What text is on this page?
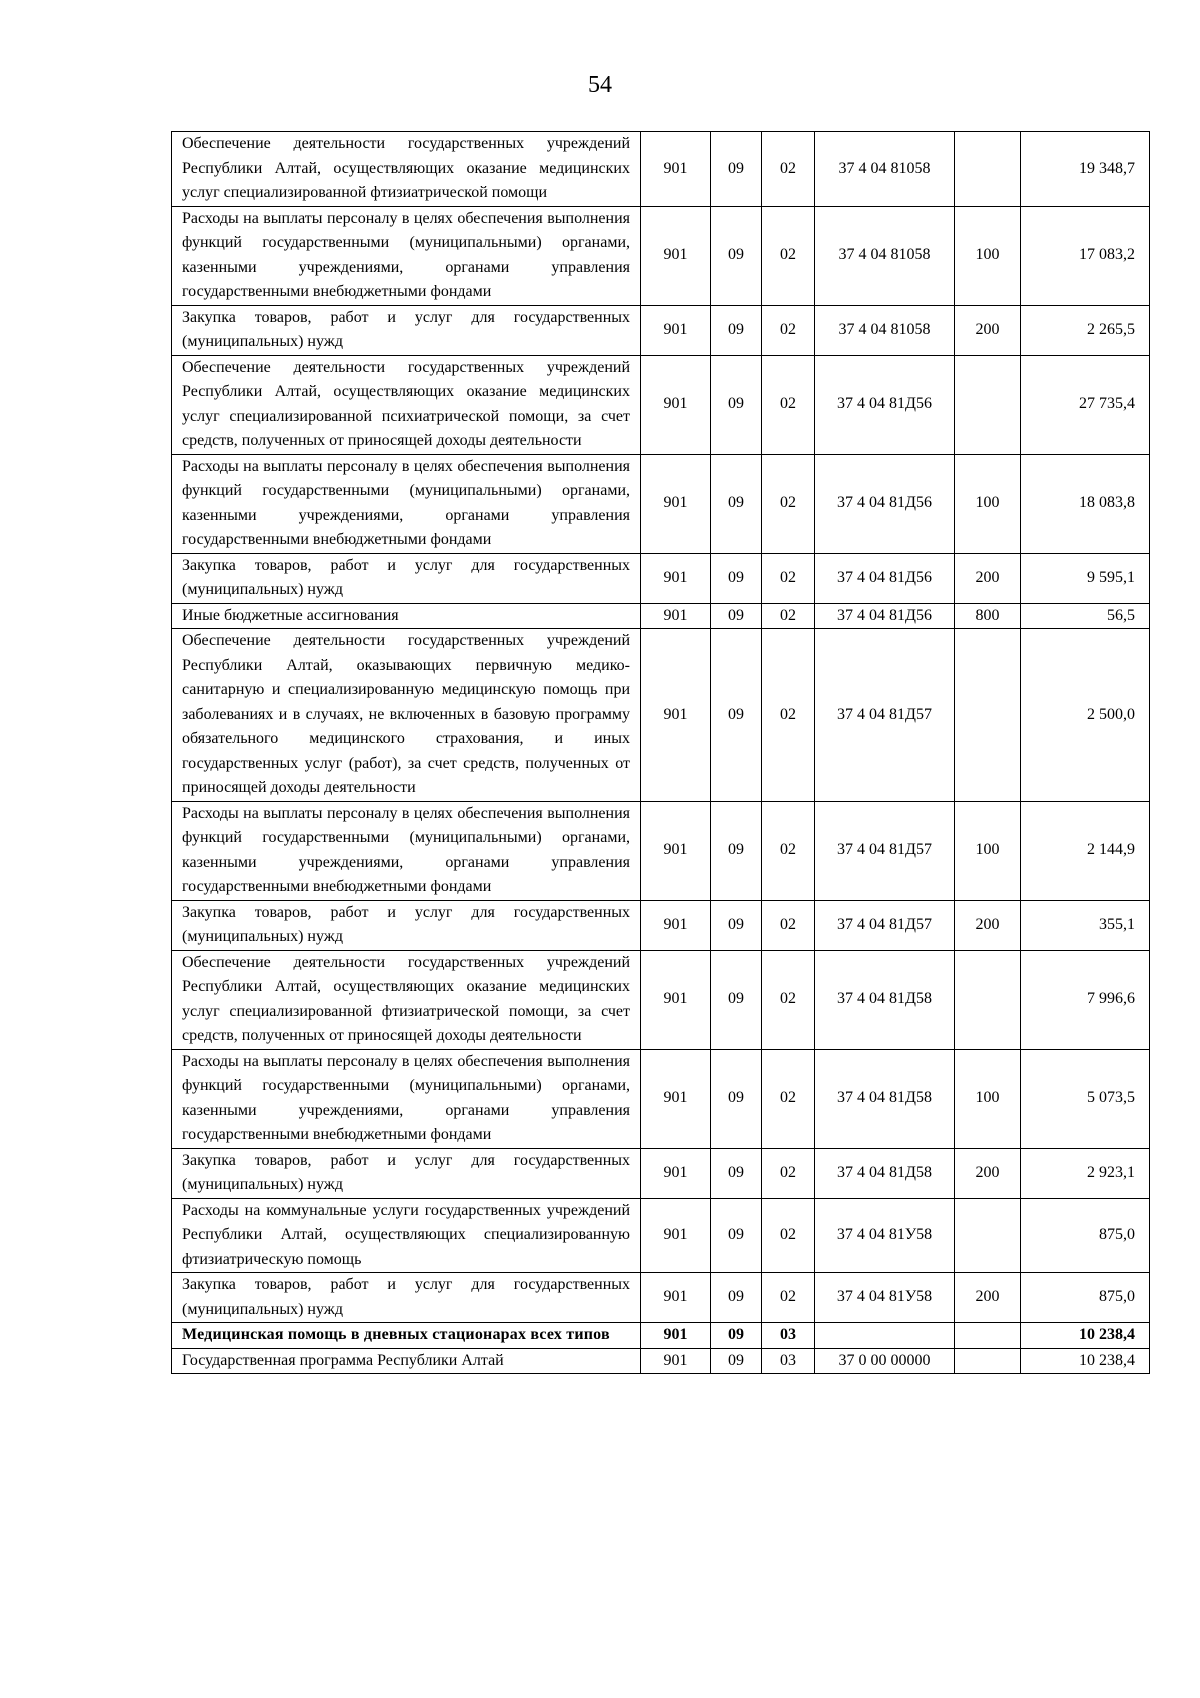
54
Обеспечение деятельности государственных учреждений Республики Алтай, осуществляющих оказание медицинских услуг специализированной фтизиатрической помощи	901	09	02	37 4 04 81058		19 348,7
Расходы на выплаты персоналу в целях обеспечения выполнения функций государственными (муниципальными) органами, казенными учреждениями, органами управления государственными внебюджетными фондами	901	09	02	37 4 04 81058	100	17 083,2
Закупка товаров, работ и услуг для государственных (муниципальных) нужд	901	09	02	37 4 04 81058	200	2 265,5
Обеспечение деятельности государственных учреждений Республики Алтай, осуществляющих оказание медицинских услуг специализированной психиатрической помощи, за счет средств, полученных от приносящей доходы деятельности	901	09	02	37 4 04 81Д56		27 735,4
Расходы на выплаты персоналу в целях обеспечения выполнения функций государственными (муниципальными) органами, казенными учреждениями, органами управления государственными внебюджетными фондами	901	09	02	37 4 04 81Д56	100	18 083,8
Закупка товаров, работ и услуг для государственных (муниципальных) нужд	901	09	02	37 4 04 81Д56	200	9 595,1
Иные бюджетные ассигнования	901	09	02	37 4 04 81Д56	800	56,5
Обеспечение деятельности государственных учреждений Республики Алтай, оказывающих первичную медико-санитарную и специализированную медицинскую помощь при заболеваниях и в случаях, не включенных в базовую программу обязательного медицинского страхования, и иных государственных услуг (работ), за счет средств, полученных от приносящей доходы деятельности	901	09	02	37 4 04 81Д57		2 500,0
Расходы на выплаты персоналу в целях обеспечения выполнения функций государственными (муниципальными) органами, казенными учреждениями, органами управления государственными внебюджетными фондами	901	09	02	37 4 04 81Д57	100	2 144,9
Закупка товаров, работ и услуг для государственных (муниципальных) нужд	901	09	02	37 4 04 81Д57	200	355,1
Обеспечение деятельности государственных учреждений Республики Алтай, осуществляющих оказание медицинских услуг специализированной фтизиатрической помощи, за счет средств, полученных от приносящей доходы деятельности	901	09	02	37 4 04 81Д58		7 996,6
Расходы на выплаты персоналу в целях обеспечения выполнения функций государственными (муниципальными) органами, казенными учреждениями, органами управления государственными внебюджетными фондами	901	09	02	37 4 04 81Д58	100	5 073,5
Закупка товаров, работ и услуг для государственных (муниципальных) нужд	901	09	02	37 4 04 81Д58	200	2 923,1
Расходы на коммунальные услуги государственных учреждений Республики Алтай, осуществляющих специализированную фтизиатрическую помощь	901	09	02	37 4 04 81У58		875,0
Закупка товаров, работ и услуг для государственных (муниципальных) нужд	901	09	02	37 4 04 81У58	200	875,0
Медицинская помощь в дневных стационарах всех типов	901	09	03			10 238,4
Государственная программа Республики Алтай	901	09	03	37 0 00 00000		10 238,4
